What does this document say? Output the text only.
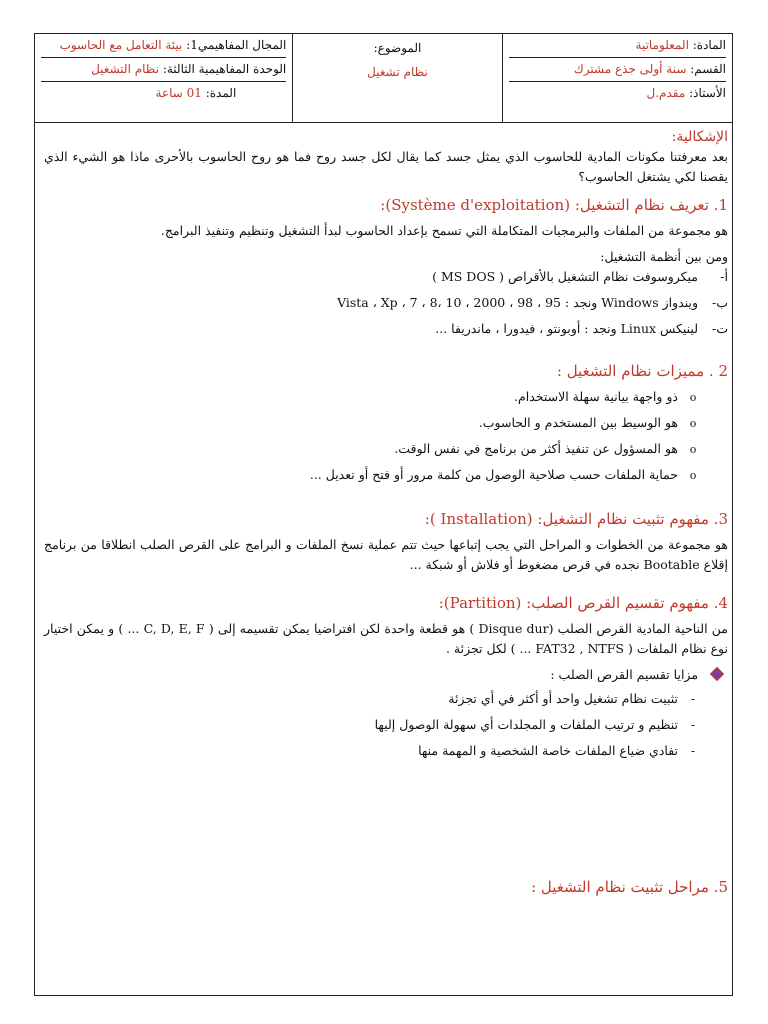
المادة: المعلوماتية
القسم: سنة أولى جذع مشترك
الأستاذ: مقدم.ل

الموضوع:
نظام تشغيل

المجال المفاهيمي1: بيئة التعامل مع الحاسوب
الوحدة المفاهيمية الثالثة: نظام التشغيل
المدة: 01 ساعة
الإشكالية:
بعد معرفتنا مكونات المادية للحاسوب الذي يمثل جسد كما يقال لكل جسد روح فما هو روح الحاسوب بالأحرى ماذا هو الشيء الذي يقصنا لكي يشتغل الحاسوب؟
1. تعريف نظام التشغيل: (Système d'exploitation):
هو مجموعة من الملفات والبرمجيات المتكاملة التي تسمح بإعداد الحاسوب لبدأ التشغيل وتنظيم وتنفيذ البرامج.
ومن بين أنظمة التشغيل:
أ-
ميكروسوفت نظام التشغيل بالأقراص ( MS DOS )
ب-
ويندواز Windows ونجد : 95 ، 98 ، 2000 ، 10 ،8 ، 7 ، Vista ، Xp
ت-
لينيكس Linux ونجد : أوبونتو ، فيدورا ، ماندريفا ...
2 . مميزات نظام التشغيل :
o
ذو واجهة بيانية سهلة الاستخدام.
o
هو الوسيط بين المستخدم و الحاسوب.
o
هو المسؤول عن تنفيذ أكثر من برنامج في نفس الوقت.
o
حماية الملفات حسب صلاحية الوصول من كلمة مرور أو فتح أو تعديل ...
3. مفهوم تثبيت نظام التشغيل: (Installation ):
هو مجموعة من الخطوات و المراحل التي يجب إتباعها حيث تتم عملية نسخ الملفات و البرامج على القرص الصلب انطلاقا من برنامج إقلاع Bootable نجده في قرص مضغوط أو فلاش أو شبكة ...
4. مفهوم تقسيم القرص الصلب: (Partition):
من الناحية المادية القرص الصلب (Disque dur ) هو قطعة واحدة لكن افتراضيا يمكن تقسيمه إلى ( C, D, E, F ... ) و يمكن اختيار نوع نظام الملفات ( FAT32 , NTFS ... ) لكل تجزئة .
مزايا تقسيم القرص الصلب :
-
تثبيت نظام تشغيل واحد أو أكثر في أي تجزئة
-
تنظيم و ترتيب الملفات و المجلدات أي سهولة الوصول إليها
-
تفادي ضياع الملفات خاصة الشخصية و المهمة منها
5. مراحل تثبيت نظام التشغيل :
